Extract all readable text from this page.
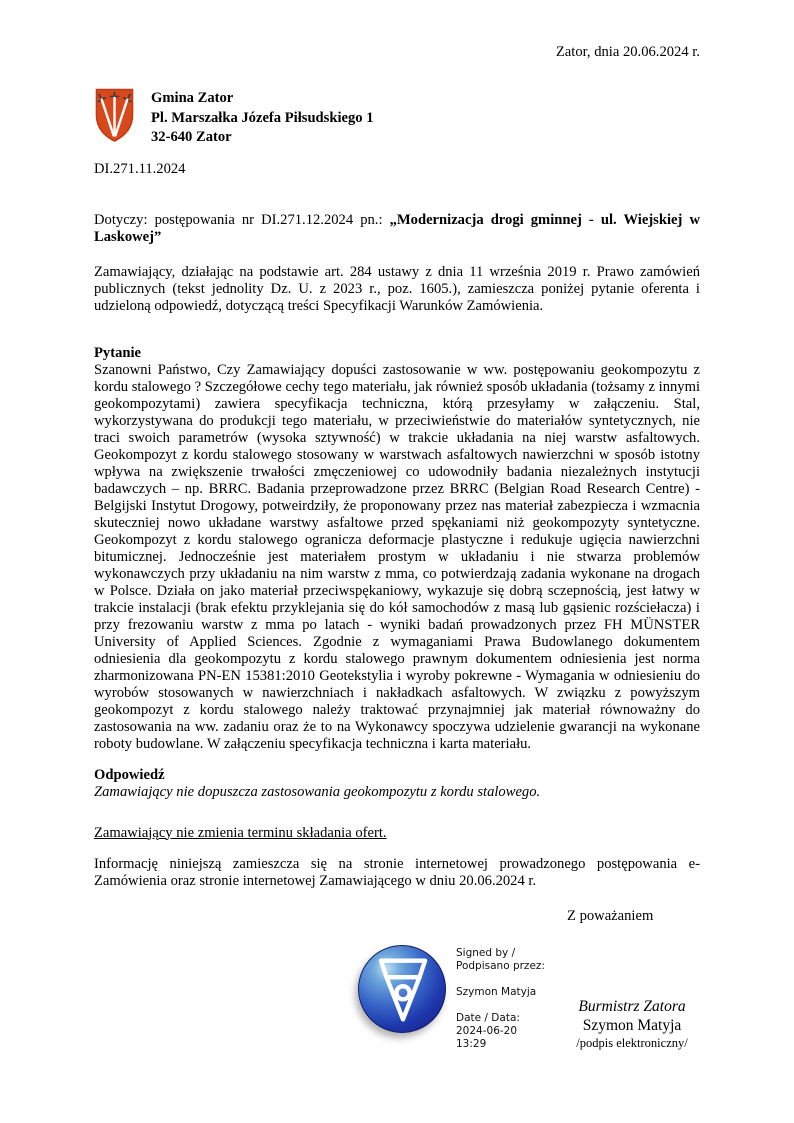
Zator, dnia 20.06.2024 r.
Gmina Zator
Pl. Marszałka Józefa Piłsudskiego 1
32-640 Zator
DI.271.11.2024

Dotyczy: postępowania nr DI.271.12.2024 pn.: „Modernizacja drogi gminnej - ul. Wiejskiej w Laskowej”

Zamawiający, działając na podstawie art. 284 ustawy z dnia 11 września 2019 r. Prawo zamówień publicznych (tekst jednolity Dz. U. z 2023 r., poz. 1605.), zamieszcza poniżej pytanie oferenta i udzieloną odpowiedź, dotyczącą treści Specyfikacji Warunków Zamówienia.

Pytanie

Szanowni Państwo, Czy Zamawiający dopuści zastosowanie w ww. postępowaniu geokompozytu z kordu stalowego ? Szczegółowe cechy tego materiału, jak również sposób układania (tożsamy z innymi geokompozytami) zawiera specyfikacja techniczna, którą przesyłamy w załączeniu. Stal, wykorzystywana do produkcji tego materiału, w przeciwieństwie do materiałów syntetycznych, nie traci swoich parametrów (wysoka sztywność) w trakcie układania na niej warstw asfaltowych. Geokompozyt z kordu stalowego stosowany w warstwach asfaltowych nawierzchni w sposób istotny wpływa na zwiększenie trwałości zmęczeniowej co udowodniły badania niezależnych instytucji badawczych – np. BRRC. Badania przeprowadzone przez BRRC (Belgian Road Research Centre) - Belgijski Instytut Drogowy, potweirdziły, że proponowany przez nas materiał zabezpiecza i wzmacnia skuteczniej nowo układane warstwy asfaltowe przed spękaniami niż geokompozyty syntetyczne. Geokompozyt z kordu stalowego ogranicza deformacje plastyczne i redukuje ugięcia nawierzchni bitumicznej. Jednocześnie jest materiałem prostym w układaniu i nie stwarza problemów wykonawczych przy układaniu na nim warstw z mma, co potwierdzają zadania wykonane na drogach w Polsce. Działa on jako materiał przeciwspękaniowy, wykazuje się dobrą sczepnością, jest łatwy w trakcie instalacji (brak efektu przyklejania się do kół samochodów z masą lub gąsienic rozściełacza) i przy frezowaniu warstw z mma po latach - wyniki badań prowadzonych przez FH MÜNSTER University of Applied Sciences. Zgodnie z wymaganiami Prawa Budowlanego dokumentem odniesienia dla geokompozytu z kordu stalowego prawnym dokumentem odniesienia jest norma zharmonizowana PN-EN 15381:2010 Geotekstylia i wyroby pokrewne - Wymagania w odniesieniu do wyrobów stosowanych w nawierzchniach i nakładkach asfaltowych. W związku z powyższym geokompozyt z kordu stalowego należy traktować przynajmniej jak materiał równoważny do zastosowania na ww. zadaniu oraz że to na Wykonawcy spoczywa udzielenie gwarancji na wykonane roboty budowlane. W załączeniu specyfikacja techniczna i karta materiału.

Odpowiedź

Zamawiający nie dopuszcza zastosowania geokompozytu z kordu stalowego.

Zamawiający nie zmienia terminu składania ofert.

Informację niniejszą zamieszcza się na stronie internetowej prowadzonego postępowania e-Zamówienia oraz stronie internetowej Zamawiającego w dniu 20.06.2024 r.

Z poważaniem
Signed by /
Podpisano przez:
Szymon Matyja
Date / Data:
2024-06-20
13:29
Burmistrz Zatora
Szymon Matyja
/podpis elektroniczny/
